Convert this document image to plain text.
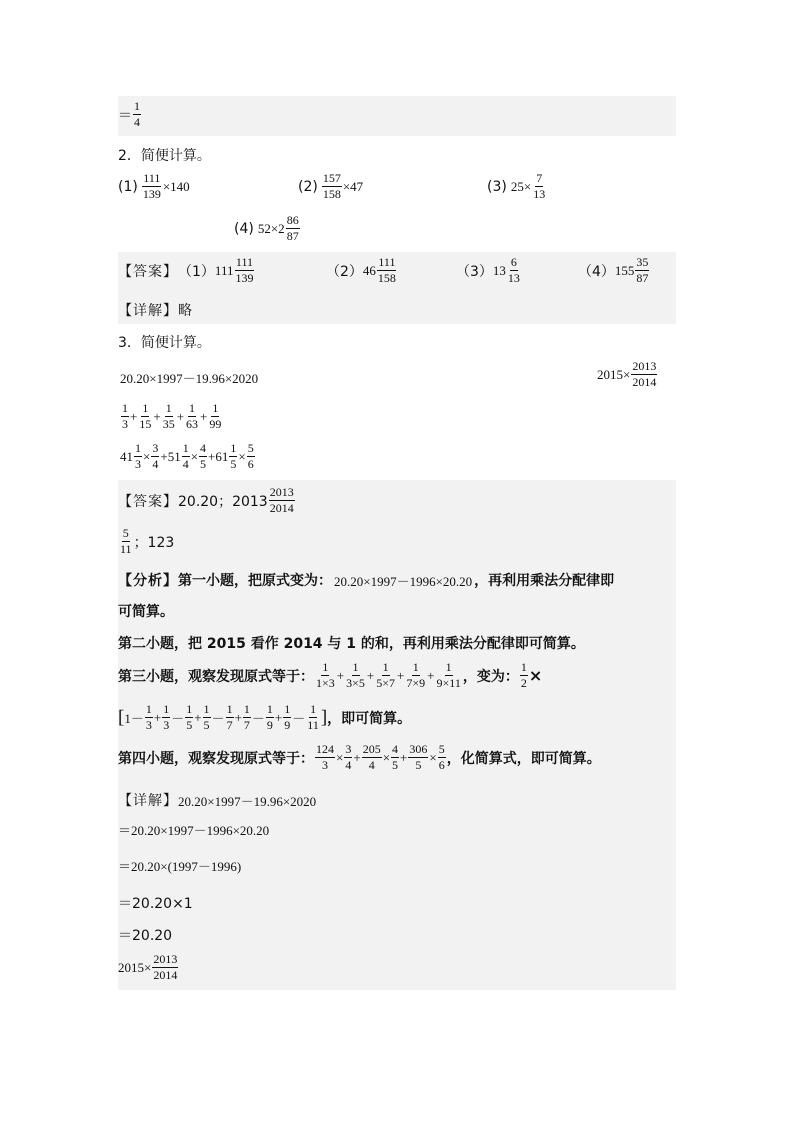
＝
1
4
2．简便计算。
$(1) \frac{111}{139} \times 140$	$(2) \frac{157}{158} \times 47$	(3) $25\times \frac{7}{13}$
(4) 52×2
86
87
【答案】 （1） 111
111
139	（2） 46
111
158	（3） 13
6
13	（4） 155
35
87
【详解】 略
3．简便计算。
20.20×1997－19.96×2020	$2015\times \frac{2013}{2014}$
1
3
+ $\frac{1}{15} + \frac{1}{35} + \frac{1}{63} + \frac{1}{99}$
$41 \frac{1}{3} \times \frac{3}{4} + 51 \frac{1}{4} \times \frac{4}{5} + 61 \frac{1}{5} \times \frac{5}{6}$
【答案】 20.20；2013
2013
2014
5
11 ；123
【分析】 第一小题，把原式变为： 20.20×1997－1996×20.20 ，再利用乘法分配律即
可简算。
第二小题，把 2015 看作 2014 与 1 的和，再利用乘法分配律即可简算。
第三小题，观察发现原式等于：
1
1×3
+ $\frac{1}{3\times 5} + \frac{1}{5\times 7} + \frac{1}{7\times 9} + \frac{1}{9\times 11}$ ，变为： $\frac{1}{2}$ ×
[ 1－
1
3
+ $\frac{1}{3}$ －
1
5
+ $\frac{1}{5}$ －
1
7
+ $\frac{1}{7}$ －
1
9
+ $\frac{1}{9}$ －
1
11 ] ，即可简算。
第四小题，观察发现原式等于： $\frac{124}{3} \times \frac{3}{4} + \frac{205}{4} \times \frac{4}{5} + \frac{306}{5} \times \frac{5}{6}$ ，化简算式，即可简算。
【详解】 20.20×1997－19.96×2020
＝20.20×1997－1996×20.20
＝20.20×(1997－1996)
＝20.20×1
＝20.20
$2015\times \frac{2013}{2014}$
